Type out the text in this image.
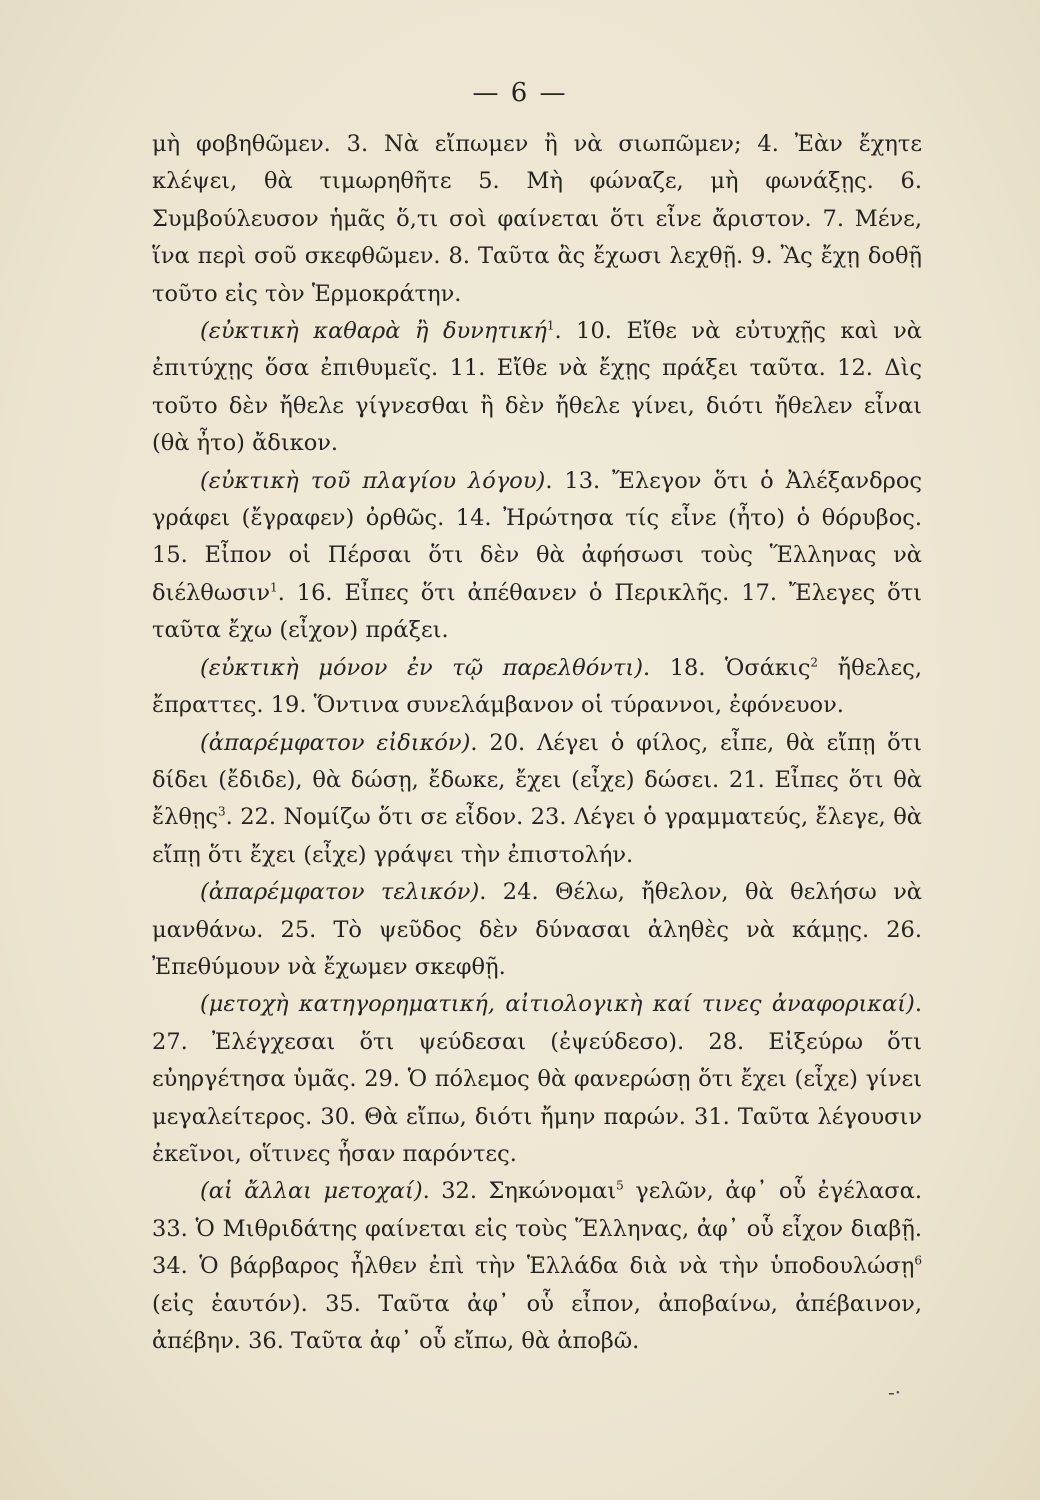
— 6 —

μὴ φοβηθῶμεν. 3. Νὰ εἴπωμεν ἢ νὰ σιωπῶμεν; 4. Ἐὰν ἔχητε κλέψει, θὰ τιμωρηθῆτε 5. Μὴ φώναζε, μὴ φωνάξῃς. 6. Συμβούλευσον ἡμᾶς ὅ,τι σοὶ φαίνεται ὅτι εἶνε ἄριστον. 7. Μένε, ἵνα περὶ σοῦ σκεφθῶμεν. 8. Ταῦτα ἂς ἔχωσι λεχθῇ. 9. Ἂς ἔχῃ δοθῇ τοῦτο εἰς τὸν Ἑρμοκράτην.

(εὐκτικὴ καθαρὰ ἢ δυνητική$^1$. 10. Εἴθε νὰ εὐτυχῇς καὶ νὰ ἐπιτύχῃς ὅσα ἐπιθυμεῖς. 11. Εἴθε νὰ ἔχῃς πράξει ταῦτα. 12. Δὶς τοῦτο δὲν ἤθελε γίγνεσθαι ἢ δὲν ἤθελε γίνει, διότι ἤθελεν εἶναι (θὰ ἦτο) ἄδικον.

(εὐκτικὴ τοῦ πλαγίου λόγου). 13. Ἔλεγον ὅτι ὁ Ἀλέξανδρος γράφει (ἔγραφεν) ὀρθῶς. 14. Ἠρώτησα τίς εἶνε (ἦτο) ὁ θόρυβος. 15. Εἶπον οἱ Πέρσαι ὅτι δὲν θὰ ἀφήσωσι τοὺς Ἕλληνας νὰ διέλθωσιν$^1$. 16. Εἶπες ὅτι ἀπέθανεν ὁ Περικλῆς. 17. Ἔλεγες ὅτι ταῦτα ἔχω (εἶχον) πράξει.

(εὐκτικὴ μόνον ἐν τῷ παρελθόντι). 18. Ὁσάκις$^2$ ἤθελες, ἔπραττες. 19. Ὅντινα συνελάμβανον οἱ τύραννοι, ἐφόνευον.

(ἀπαρέμφατον εἰδικόν). 20. Λέγει ὁ φίλος, εἶπε, θὰ εἴπῃ ὅτι δίδει (ἔδιδε), θὰ δώσῃ, ἔδωκε, ἔχει (εἶχε) δώσει. 21. Εἶπες ὅτι θὰ ἔλθῃς$^3$. 22. Νομίζω ὅτι σε εἶδον. 23. Λέγει ὁ γραμματεύς, ἔλεγε, θὰ εἴπῃ ὅτι ἔχει (εἶχε) γράψει τὴν ἐπιστολήν.

(ἀπαρέμφατον τελικόν). 24. Θέλω, ἤθελον, θὰ θελήσω νὰ μανθάνω. 25. Τὸ ψεῦδος δὲν δύνασαι ἀληθὲς νὰ κάμῃς. 26. Ἐπεθύμουν νὰ ἔχωμεν σκεφθῇ.

(μετοχὴ κατηγορηματική, αἰτιολογικὴ καί τινες ἀναφορικαί). 27. Ἐλέγχεσαι ὅτι ψεύδεσαι (ἐψεύδεσο). 28. Εἰξεύρω ὅτι εὐηργέτησα ὑμᾶς. 29. Ὁ πόλεμος θὰ φανερώσῃ ὅτι ἔχει (εἶχε) γίνει μεγαλείτερος. 30. Θὰ εἴπω, διότι ἤμην παρών. 31. Ταῦτα λέγουσιν ἐκεῖνοι, οἵτινες ἦσαν παρόντες.

(αἱ ἄλλαι μετοχαί). 32. Σηκώνομαι$^5$ γελῶν, ἀφ᾽ οὗ ἐγέλασα. 33. Ὁ Μιθριδάτης φαίνεται εἰς τοὺς Ἕλληνας, ἀφ᾽ οὗ εἶχον διαβῇ. 34. Ὁ βάρβαρος ἦλθεν ἐπὶ τὴν Ἑλλάδα διὰ νὰ τὴν ὑποδουλώσῃ$^6$ (εἰς ἑαυτόν). 35. Ταῦτα ἀφ᾽ οὗ εἶπον, ἀποβαίνω, ἀπέβαινον, ἀπέβην. 36. Ταῦτα ἀφ᾽ οὗ εἴπω, θὰ ἀποβῶ.

-·
